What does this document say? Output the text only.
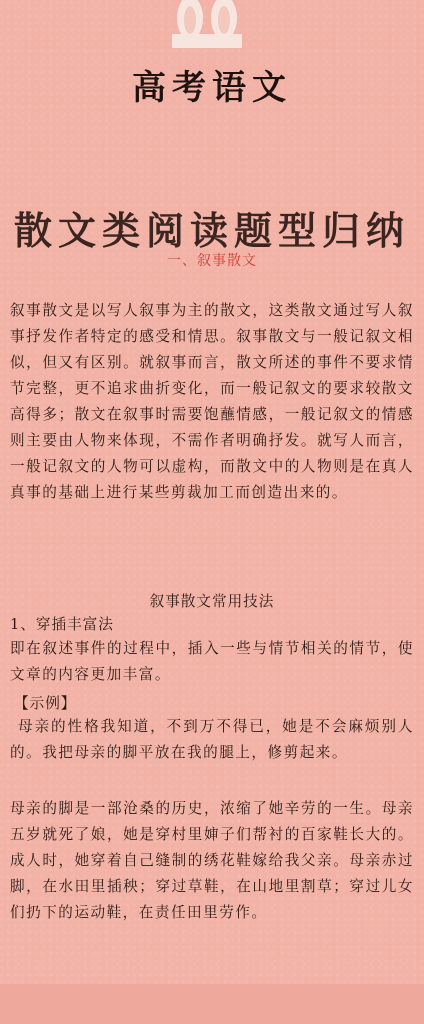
高考语文
散文类阅读题型归纳
一、叙事散文

叙事散文是以写人叙事为主的散文，这类散文通过写人叙事抒发作者特定的感受和情思。叙事散文与一般记叙文相似，但又有区别。就叙事而言，散文所述的事件不要求情节完整，更不追求曲折变化，而一般记叙文的要求较散文高得多；散文在叙事时需要饱蘸情感，一般记叙文的情感则主要由人物来体现，不需作者明确抒发。就写人而言，一般记叙文的人物可以虚构，而散文中的人物则是在真人真事的基础上进行某些剪裁加工而创造出来的。

叙事散文常用技法
1、穿插丰富法

即在叙述事件的过程中，插入一些与情节相关的情节，使文章的内容更加丰富。

【示例】

母亲的性格我知道，不到万不得已，她是不会麻烦别人的。我把母亲的脚平放在我的腿上，修剪起来。

母亲的脚是一部沧桑的历史，浓缩了她辛劳的一生。母亲五岁就死了娘，她是穿村里婶子们帮衬的百家鞋长大的。成人时，她穿着自己缝制的绣花鞋嫁给我父亲。母亲赤过脚，在水田里插秧；穿过草鞋，在山地里割草；穿过儿女们扔下的运动鞋，在责任田里劳作。
